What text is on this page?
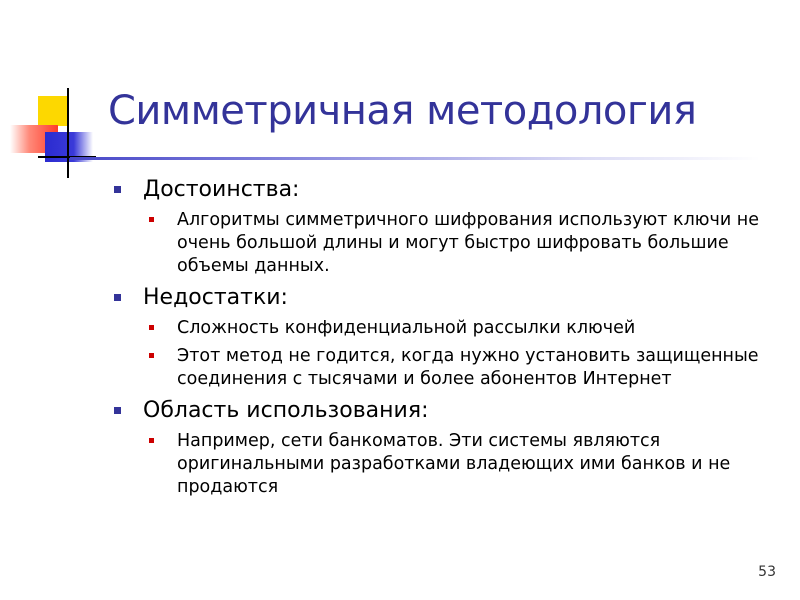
Симметричная методология
Достоинства:
Алгоритмы симметричного шифрования используют ключи не очень большой длины и могут быстро шифровать большие объемы данных.
Недостатки:
Сложность конфиденциальной рассылки ключей
Этот метод не годится, когда нужно установить защищенные соединения с тысячами и более абонентов Интернет
Область использования:
Например, сети банкоматов. Эти системы являются оригинальными разработками владеющих ими банков и не продаются
53
